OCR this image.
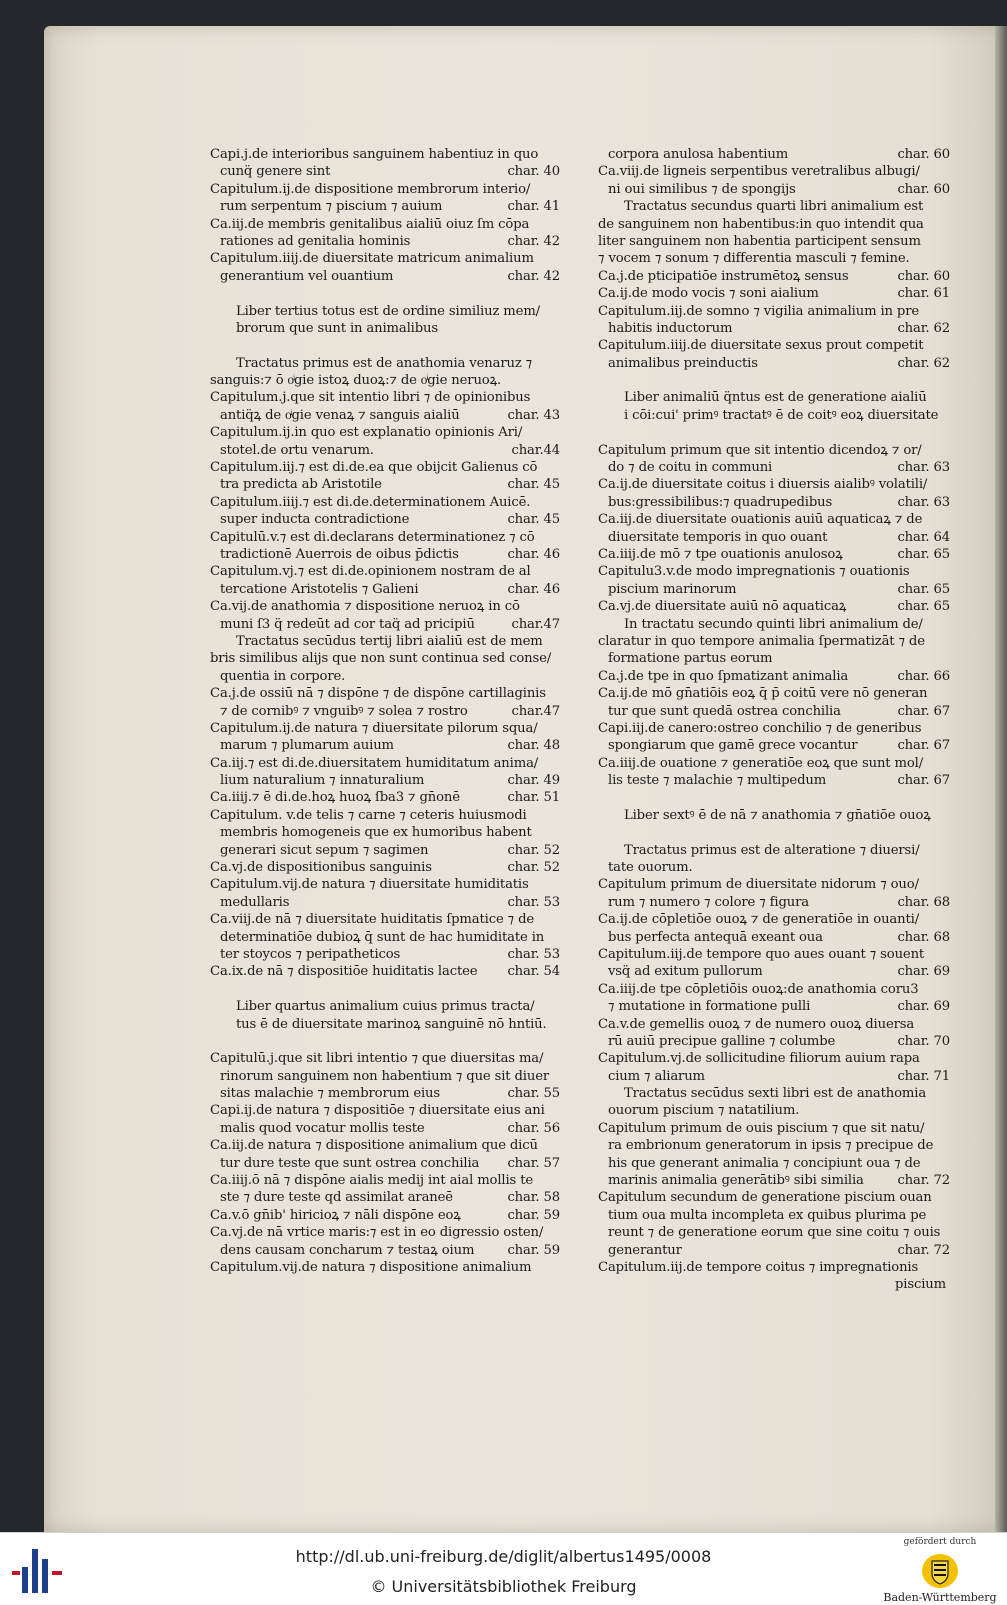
Capi.j.de interioribus sanguinem habentiuz in quo
cunq̈ genere sint	char. 40
Capitulum.ij.de dispositione membrorum interio/
rum serpentum ⁊ piscium ⁊ auium	char. 41
Ca.iij.de membris genitalibus aialiū oiuz ſm cōpa
rationes ad genitalia hominis	char. 42
Capitulum.iiij.de diuersitate matricum animalium
generantium vel ouantium	char. 42
Liber tertius totus est de ordine similiuz mem/
brorum que sunt in animalibus
Tractatus primus est de anathomia venaruz ⁊
sanguis:⁊ ō oͥgie istoꝝ duoꝝ:⁊ de oͥgie neruoꝝ.
Capitulum.j.que sit intentio libri ⁊ de opinionibus
antiq̈ꝝ de oͥgie venaꝝ ⁊ sanguis aialiū	char. 43
Capitulum.ij.in quo est explanatio opinionis Ari/
stotel.de ortu venarum.	char.44
Capitulum.iij.⁊ est di.de.ea que obijcit Galienus cō
tra predicta ab Aristotile	char. 45
Capitulum.iiij.⁊ est di.de.determinationem Auicē.
super inducta contradictione	char. 45
Capitulū.v.⁊ est di.declarans determinationez ⁊ cō
tradictionē Auerrois de oibus p̄dictis	char. 46
Capitulum.vj.⁊ est di.de.opinionem nostram de al
tercatione Aristotelis ⁊ Galieni	char. 46
Ca.vij.de anathomia ⁊ dispositione neruoꝝ in cō
muni ſ3 q̈ redeūt ad cor taq̈ ad pricipiū	char.47
Tractatus secūdus tertij libri aialiū est de mem
bris similibus alijs que non sunt continua sed conse/
quentia in corpore.
Ca.j.de ossiū nā ⁊ dispōne ⁊ de dispōne cartillaginis
⁊ de cornibꝰ ⁊ vnguibꝰ ⁊ solea ⁊ rostro	char.47
Capitulum.ij.de natura ⁊ diuersitate pilorum squa/
marum ⁊ plumarum auium	char. 48
Ca.iij.⁊ est di.de.diuersitatem humiditatum anima/
lium naturalium ⁊ innaturalium	char. 49
Ca.iiij.⁊ ē di.de.hoꝝ h̄uoꝝ ſba3 ⁊ gn̄onē	char. 51
Capitulum. v.de telis ⁊ carne ⁊ ceteris huiusmodi
membris homogeneis que ex humoribus habent
generari sicut sepum ⁊ sagimen	char. 52
Ca.vj.de dispositionibus sanguinis	char. 52
Capitulum.vij.de natura ⁊ diuersitate humiditatis
medullaris	char. 53
Ca.viij.de nā ⁊ diuersitate h̄uiditatis ſpmatice ⁊ de
determinatiōe dubioꝝ q̄ sunt de hac humiditate in
ter stoycos ⁊ peripatheticos	char. 53
Ca.ix.de nā ⁊ dispositiōe h̄uiditatis lactee	char. 54
Liber quartus animalium cuius primus tracta/
tus ē de diuersitate marinoꝝ sanguinē nō h̄ntiū.
Capitulū.j.que sit libri intentio ⁊ que diuersitas ma/
rinorum sanguinem non habentium ⁊ que sit diuer
sitas malachie ⁊ membrorum eius	char. 55
Capi.ij.de natura ⁊ dispositiōe ⁊ diuersitate eius ani
malis quod vocatur mollis teste	char. 56
Ca.iij.de natura ⁊ dispositione animalium que dicū
tur dure teste que sunt ostrea conchilia	char. 57
Ca.iiij.ō nā ⁊ dispōne aialis medij int̄ aial mollis te
ste ⁊ dure teste qd̄ assimilat araneē	char. 58
Ca.v.ō gn̄ib' hiricioꝝ ⁊ nāli dispōne eoꝝ	char. 59
Ca.vj.de nā vrtice maris:⁊ est in eo digressio osten/
dens causam concharum ⁊ testaꝝ oium	char. 59
Capitulum.vij.de natura ⁊ dispositione animalium
corpora anulosa habentium	char. 60
Ca.viij.de ligneis serpentibus veretralibus albugi/
ni oui similibus ⁊ de spongijs	char. 60
Tractatus secundus quarti libri animalium est
de sanguinem non habentibus:in quo intendit qua
liter sanguinem non habentia participent sensum
⁊ vocem ⁊ sonum ⁊ differentia masculi ⁊ femine.
Ca.j.de pticipatiōe instrumētoꝝ sensus	char. 60
Ca.ij.de modo vocis ⁊ soni aialium	char. 61
Capitulum.iij.de somno ⁊ vigilia animalium in pre
habitis inductorum	char. 62
Capitulum.iiij.de diuersitate sexus prout competit
animalibus preinductis	char. 62
Liber animaliū q̈ntus est de generatione aialiū
i cōi:cui' primꝰ tractatꝰ ē de coitꝰ eoꝝ diuersitate
Capitulum primum que sit intentio dicendoꝝ ⁊ or/
do ⁊ de coitu in communi	char. 63
Ca.ij.de diuersitate coitus i diuersis aialibꝰ volatili/
bus:gressibilibus:⁊ quadrupedibus	char. 63
Ca.iij.de diuersitate ouationis auiū aquaticaꝝ ⁊ de
diuersitate temporis in quo ouant	char. 64
Ca.iiij.de mō ⁊ tpe ouationis anulosoꝝ	char. 65
Capitulu3.v.de modo impregnationis ⁊ ouationis
piscium marinorum	char. 65
Ca.vj.de diuersitate auiū nō aquaticaꝝ	char. 65
In tractatu secundo quinti libri animalium de/
claratur in quo tempore animalia ſpermatizāt ⁊ de
formatione partus eorum
Ca.j.de tpe in quo ſpmatizant animalia	char. 66
Ca.ij.de mō gn̄atiōis eoꝝ q̄ p̄ coitū vere nō generan
tur que sunt quedā ostrea conchilia	char. 67
Capi.iij.de canero:ostreo conchilio ⁊ de generibus
spongiarum que gamē grece vocantur	char. 67
Ca.iiij.de ouatione ⁊ generatiōe eoꝝ que sunt mol/
lis teste ⁊ malachie ⁊ multipedum	char. 67
Liber sextꝰ ē de nā ⁊ anathomia ⁊ gn̄atiōe ouoꝝ
Tractatus primus est de alteratione ⁊ diuersi/
tate ouorum.
Capitulum primum de diuersitate nidorum ⁊ ouo/
rum ⁊ numero ⁊ colore ⁊ figura	char. 68
Ca.ij.de cōpletiōe ouoꝝ ⁊ de generatiōe in ouanti/
bus perfecta antequā exeant oua	char. 68
Capitulum.iij.de tempore quo aues ouant ⁊ souent
vsq̈ ad exitum pullorum	char. 69
Ca.iiij.de tpe cōpletiōis ouoꝝ:de anathomia coru3
⁊ mutatione in formatione pulli	char. 69
Ca.v.de gemellis ouoꝝ ⁊ de numero ouoꝝ diuersa
rū auiū precipue galline ⁊ columbe	char. 70
Capitulum.vj.de sollicitudine filiorum auium rapa
cium ⁊ aliarum	char. 71
Tractatus secūdus sexti libri est de anathomia
ouorum piscium ⁊ natatilium.
Capitulum primum de ouis piscium ⁊ que sit natu/
ra embrionum generatorum in ipsis ⁊ precipue de
his que generant animalia ⁊ concipiunt oua ⁊ de
marinis animalia generātibꝰ sibi similia	char. 72
Capitulum secundum de generatione piscium ouan
tium oua multa incompleta ex quibus plurima pe
reunt ⁊ de generatione eorum que sine coitu ⁊ ouis
generantur	char. 72
Capitulum.iij.de tempore coitus ⁊ impregnationis
piscium
http://dl.ub.uni-freiburg.de/diglit/albertus1495/0008
© Universitätsbibliothek Freiburg
gefördert durch
Baden-Württemberg
